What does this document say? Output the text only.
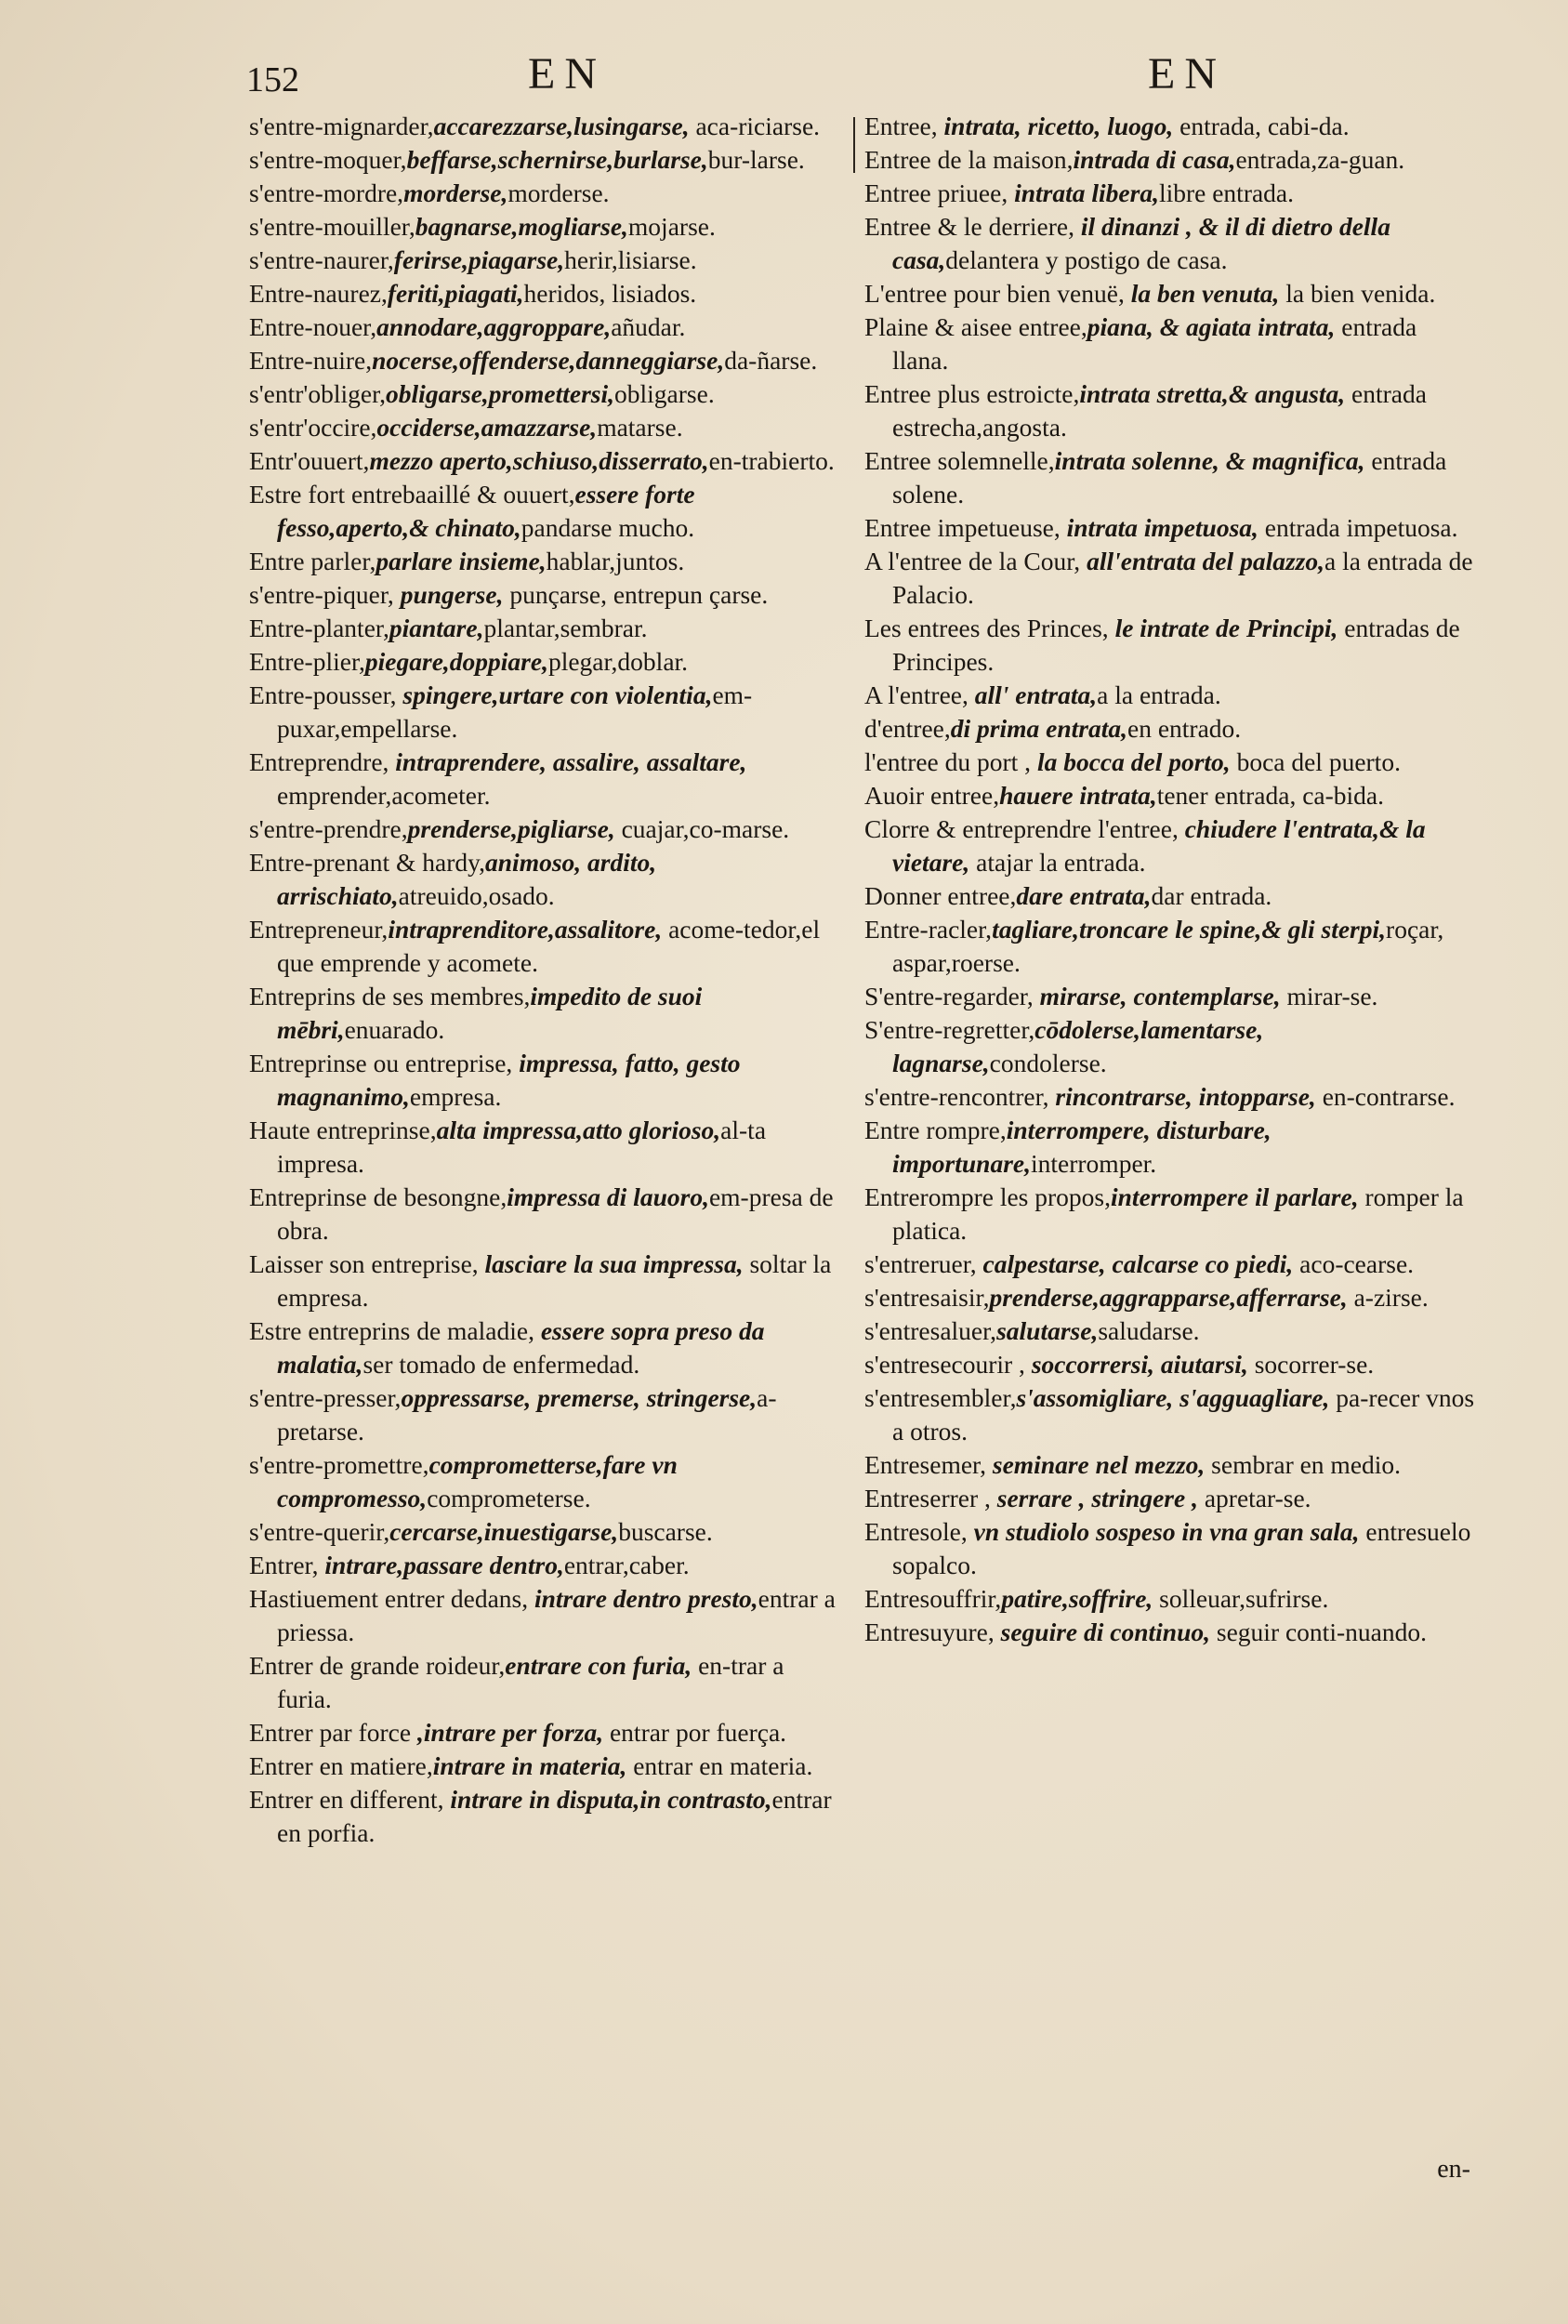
152	EN	EN

s'entre-mignarder,accarezzarse,lusingarse, aca-riciarse.

s'entre-moquer,beffarse,schernirse,burlarse,bur-larse.

s'entre-mordre,morderse,morderse.

s'entre-mouiller,bagnarse,mogliarse,mojarse.

s'entre-naurer,ferirse,piagarse,herir,lisiarse.

Entre-naurez,feriti,piagati,heridos, lisiados.

Entre-nouer,annodare,aggroppare,añudar.

Entre-nuire,nocerse,offenderse,danneggiarse,da-ñarse.

s'entr'obliger,obligarse,promettersi,obligarse.

s'entr'occire,occiderse,amazzarse,matarse.

Entr'ouuert,mezzo aperto,schiuso,disserrato,en-trabierto.

Estre fort entrebaaillé & ouuert,essere forte fesso,aperto,& chinato,pandarse mucho.

Entre parler,parlare insieme,hablar,juntos.

s'entre-piquer, pungerse, punçarse, entrepun çarse.

Entre-planter,piantare,plantar,sembrar.

Entre-plier,piegare,doppiare,plegar,doblar.

Entre-pousser, spingere,urtare con violentia,em-puxar,empellarse.

Entreprendre, intraprendere, assalire, assaltare, emprender,acometer.

s'entre-prendre,prenderse,pigliarse, cuajar,co-marse.

Entre-prenant & hardy,animoso, ardito, arrischiato,atreuido,osado.

Entrepreneur,intraprenditore,assalitore, acome-tedor,el que emprende y acomete.

Entreprins de ses membres,impedito de suoi mēbri,enuarado.

Entreprinse ou entreprise, impressa, fatto, gesto magnanimo,empresa.

Haute entreprinse,alta impressa,atto glorioso,al-ta impresa.

Entreprinse de besongne,impressa di lauoro,em-presa de obra.

Laisser son entreprise, lasciare la sua impressa, soltar la empresa.

Estre entreprins de maladie, essere sopra preso da malatia,ser tomado de enfermedad.

s'entre-presser,oppressarse, premerse, stringerse,a-pretarse.

s'entre-promettre,comprometterse,fare vn compromesso,comprometerse.

s'entre-querir,cercarse,inuestigarse,buscarse.

Entrer, intrare,passare dentro,entrar,caber.

Hastiuement entrer dedans, intrare dentro presto,entrar a priessa.

Entrer de grande roideur,entrare con furia, en-trar a furia.

Entrer par force ,intrare per forza, entrar por fuerça.

Entrer en matiere,intrare in materia, entrar en materia.

Entrer en different, intrare in disputa,in contrasto,entrar en porfia.

Entree, intrata, ricetto, luogo, entrada, cabi-da.

Entree de la maison,intrada di casa,entrada,za-guan.

Entree priuee, intrata libera,libre entrada.

Entree & le derriere, il dinanzi , & il di dietro della casa,delantera y postigo de casa.

L'entree pour bien venuë, la ben venuta, la bien venida.

Plaine & aisee entree,piana, & agiata intrata, entrada llana.

Entree plus estroicte,intrata stretta,& angusta, entrada estrecha,angosta.

Entree solemnelle,intrata solenne, & magnifica, entrada solene.

Entree impetueuse, intrata impetuosa, entrada impetuosa.

A l'entree de la Cour, all'entrata del palazzo,a la entrada de Palacio.

Les entrees des Princes, le intrate de Principi, entradas de Principes.

A l'entree, all' entrata,a la entrada.

d'entree,di prima entrata,en entrado.

l'entree du port , la bocca del porto, boca del puerto.

Auoir entree,hauere intrata,tener entrada, ca-bida.

Clorre & entreprendre l'entree, chiudere l'entrata,& la vietare, atajar la entrada.

Donner entree,dare entrata,dar entrada.

Entre-racler,tagliare,troncare le spine,& gli sterpi,roçar, aspar,roerse.

S'entre-regarder, mirarse, contemplarse, mirar-se.

S'entre-regretter,cōdolerse,lamentarse, lagnarse,condolerse.

s'entre-rencontrer, rincontrarse, intopparse, en-contrarse.

Entre rompre,interrompere, disturbare, importunare,interromper.

Entrerompre les propos,interrompere il parlare, romper la platica.

s'entreruer, calpestarse, calcarse co piedi, aco-cearse.

s'entresaisir,prenderse,aggrapparse,afferrarse, a-zirse.

s'entresaluer,salutarse,saludarse.

s'entresecourir , soccorrersi, aiutarsi, socorrer-se.

s'entresembler,s'assomigliare, s'agguagliare, pa-recer vnos a otros.

Entresemer, seminare nel mezzo, sembrar en medio.

Entreserrer , serrare , stringere , apretar-se.

Entresole, vn studiolo sospeso in vna gran sala, entresuelo sopalco.

Entresouffrir,patire,soffrire, solleuar,sufrirse.

Entresuyure, seguire di continuo, seguir conti-nuando.

en-
